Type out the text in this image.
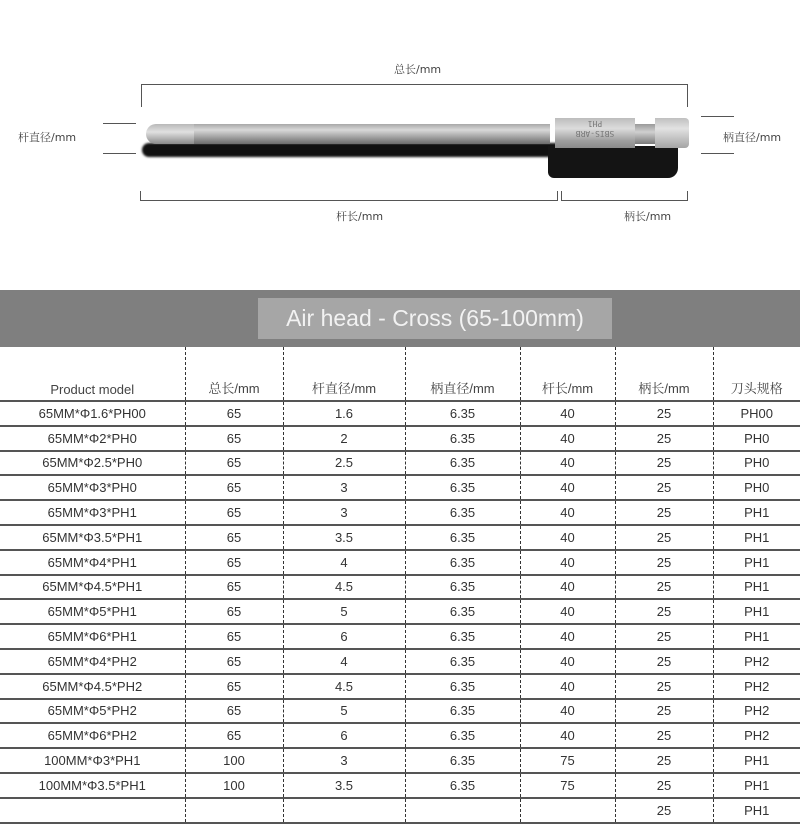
总长/mm
杆直径/mm	柄直径/mm
SBIS-ARB
PH1
杆长/mm	柄长/mm
Air head - Cross (65-100mm)
Product model	总长/mm	杆直径/mm	柄直径/mm	杆长/mm	柄长/mm	刀头规格
65MM*Φ1.6*PH00	65	1.6	6.35	40	25	PH00
65MM*Φ2*PH0	65	2	6.35	40	25	PH0
65MM*Φ2.5*PH0	65	2.5	6.35	40	25	PH0
65MM*Φ3*PH0	65	3	6.35	40	25	PH0
65MM*Φ3*PH1	65	3	6.35	40	25	PH1
65MM*Φ3.5*PH1	65	3.5	6.35	40	25	PH1
65MM*Φ4*PH1	65	4	6.35	40	25	PH1
65MM*Φ4.5*PH1	65	4.5	6.35	40	25	PH1
65MM*Φ5*PH1	65	5	6.35	40	25	PH1
65MM*Φ6*PH1	65	6	6.35	40	25	PH1
65MM*Φ4*PH2	65	4	6.35	40	25	PH2
65MM*Φ4.5*PH2	65	4.5	6.35	40	25	PH2
65MM*Φ5*PH2	65	5	6.35	40	25	PH2
65MM*Φ6*PH2	65	6	6.35	40	25	PH2
100MM*Φ3*PH1	100	3	6.35	75	25	PH1
100MM*Φ3.5*PH1	100	3.5	6.35	75	25	PH1
					25	PH1
